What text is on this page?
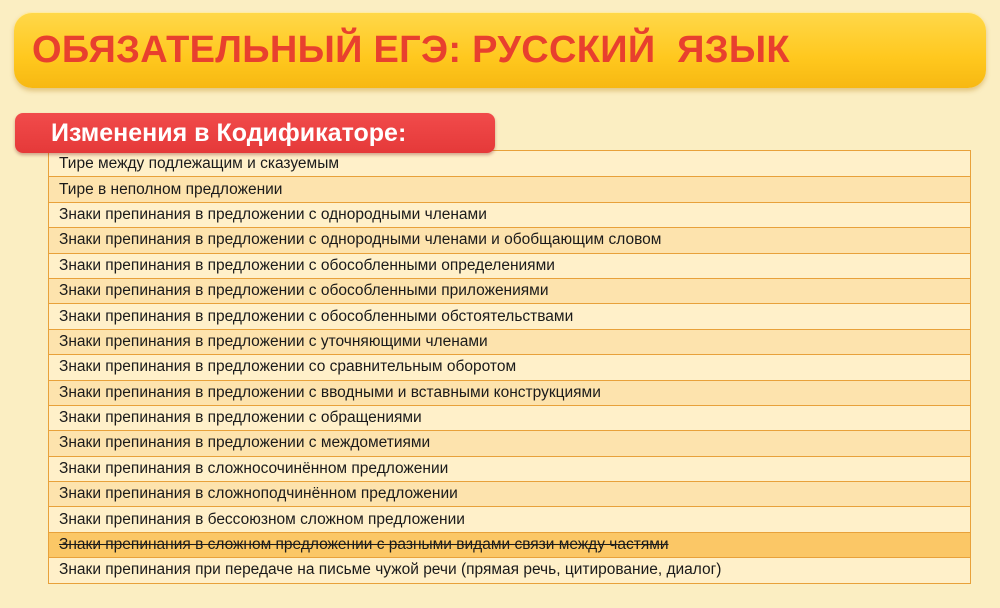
ОБЯЗАТЕЛЬНЫЙ ЕГЭ: РУССКИЙ  ЯЗЫК
Изменения в Кодификаторе:
Тире между подлежащим и сказуемым
Тире в неполном предложении
Знаки препинания в предложении с однородными членами
Знаки препинания в предложении с однородными членами и обобщающим словом
Знаки препинания в предложении с обособленными определениями
Знаки препинания в предложении с обособленными приложениями
Знаки препинания в предложении с обособленными обстоятельствами
Знаки препинания в предложении с уточняющими членами
Знаки препинания в предложении со сравнительным оборотом
Знаки препинания в предложении с вводными и вставными конструкциями
Знаки препинания в предложении с обращениями
Знаки препинания в предложении с междометиями
Знаки препинания в сложносочинённом предложении
Знаки препинания в сложноподчинённом предложении
Знаки препинания в бессоюзном сложном предложении
Знаки препинания в сложном предложении с разными видами связи между частями
Знаки препинания при передаче на письме чужой речи (прямая речь, цитирование, диалог)
